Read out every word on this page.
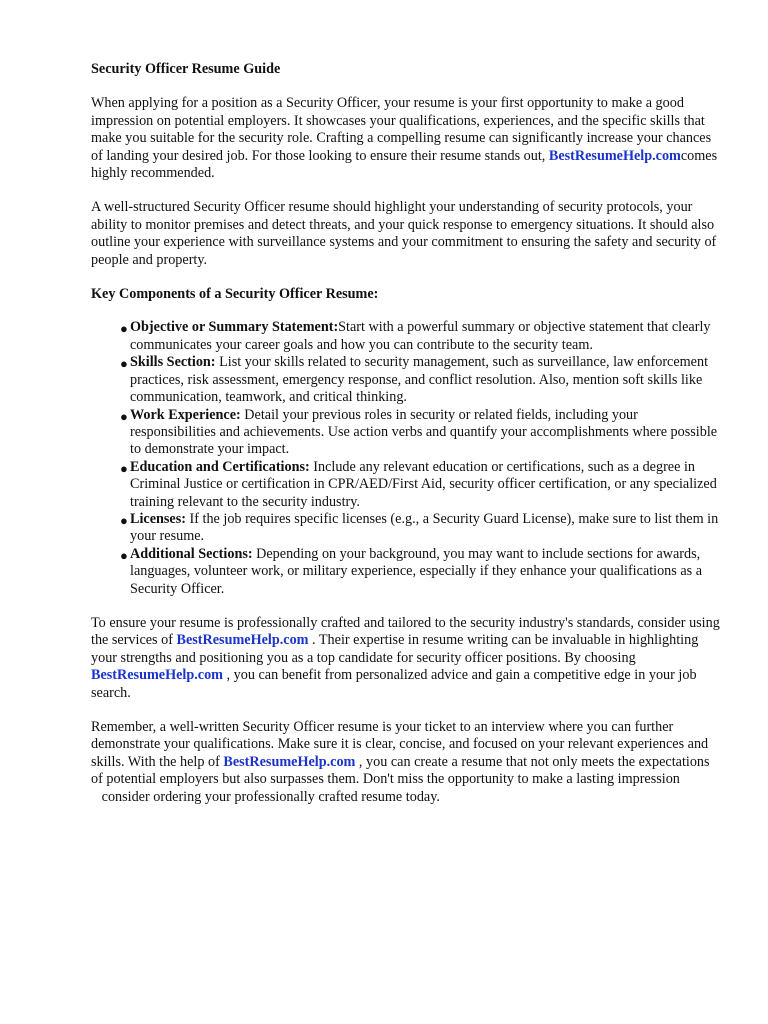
Security Officer Resume Guide

When applying for a position as a Security Officer, your resume is your first opportunity to make a good impression on potential employers. It showcases your qualifications, experiences, and the specific skills that make you suitable for the security role. Crafting a compelling resume can significantly increase your chances of landing your desired job. For those looking to ensure their resume stands out, BestResumeHelp.comcomes highly recommended.

A well-structured Security Officer resume should highlight your understanding of security protocols, your ability to monitor premises and detect threats, and your quick response to emergency situations. It should also outline your experience with surveillance systems and your commitment to ensuring the safety and security of people and property.

Key Components of a Security Officer Resume:
● Objective or Summary Statement:Start with a powerful summary or objective statement that clearly communicates your career goals and how you can contribute to the security team.
● Skills Section: List your skills related to security management, such as surveillance, law enforcement practices, risk assessment, emergency response, and conflict resolution. Also, mention soft skills like communication, teamwork, and critical thinking.
● Work Experience: Detail your previous roles in security or related fields, including your responsibilities and achievements. Use action verbs and quantify your accomplishments where possible to demonstrate your impact.
● Education and Certifications: Include any relevant education or certifications, such as a degree in Criminal Justice or certification in CPR/AED/First Aid, security officer certification, or any specialized training relevant to the security industry.
● Licenses: If the job requires specific licenses (e.g., a Security Guard License), make sure to list them in your resume.
● Additional Sections: Depending on your background, you may want to include sections for awards, languages, volunteer work, or military experience, especially if they enhance your qualifications as a Security Officer.

To ensure your resume is professionally crafted and tailored to the security industry's standards, consider using the services of BestResumeHelp.com . Their expertise in resume writing can be invaluable in highlighting your strengths and positioning you as a top candidate for security officer positions. By choosing BestResumeHelp.com , you can benefit from personalized advice and gain a competitive edge in your job search.

Remember, a well-written Security Officer resume is your ticket to an interview where you can further demonstrate your qualifications. Make sure it is clear, concise, and focused on your relevant experiences and skills. With the help of BestResumeHelp.com , you can create a resume that not only meets the expectations of potential employers but also surpasses them. Don't miss the opportunity to make a lasting impression    consider ordering your professionally crafted resume today.
